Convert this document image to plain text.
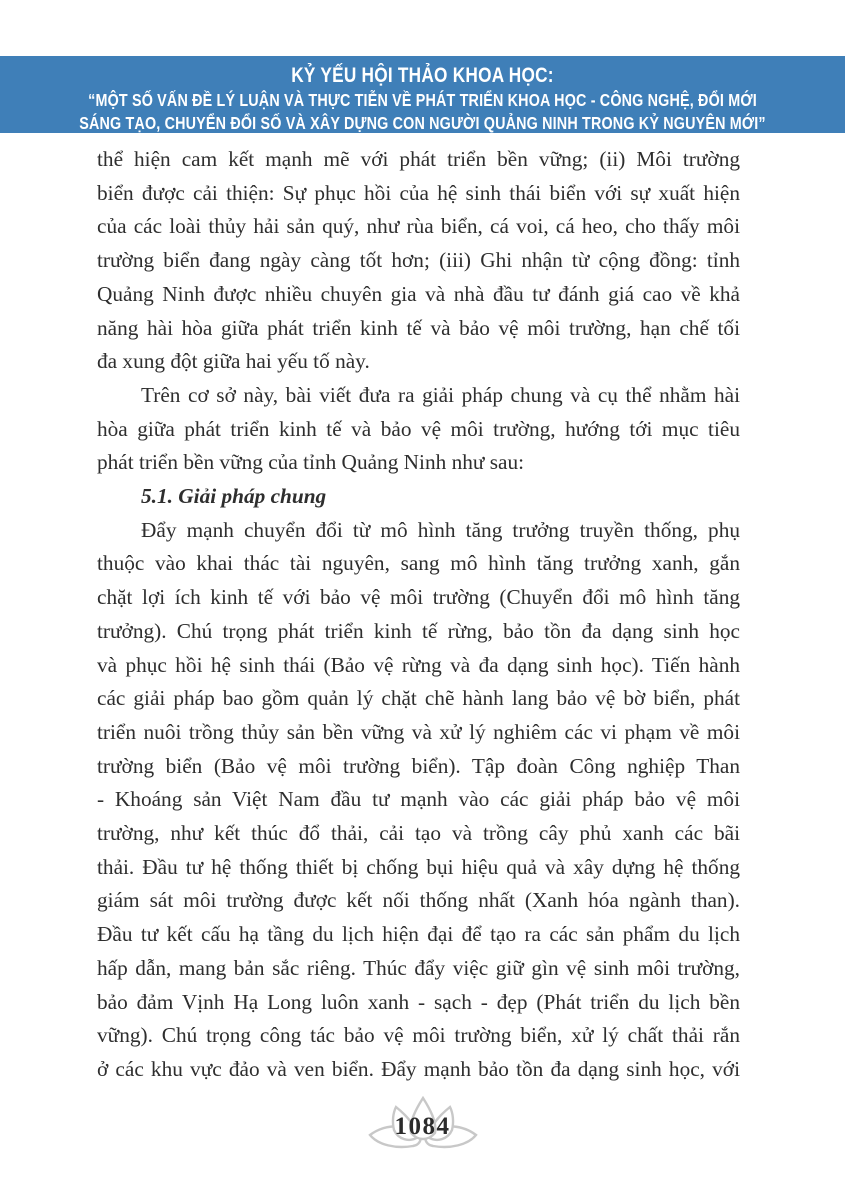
KỶ YẾU HỘI THẢO KHOA HỌC:
“MỘT SỐ VẤN ĐỀ LÝ LUẬN VÀ THỰC TIỄN VỀ PHÁT TRIỂN KHOA HỌC - CÔNG NGHỆ, ĐỔI MỚI
SÁNG TẠO, CHUYỂN ĐỔI SỐ VÀ XÂY DỰNG CON NGƯỜI QUẢNG NINH TRONG KỶ NGUYÊN MỚI”
thể hiện cam kết mạnh mẽ với phát triển bền vững; (ii) Môi trường
biển được cải thiện: Sự phục hồi của hệ sinh thái biển với sự xuất hiện
của các loài thủy hải sản quý, như rùa biển, cá voi, cá heo, cho thấy môi
trường biển đang ngày càng tốt hơn; (iii) Ghi nhận từ cộng đồng: tỉnh
Quảng Ninh được nhiều chuyên gia và nhà đầu tư đánh giá cao về khả
năng hài hòa giữa phát triển kinh tế và bảo vệ môi trường, hạn chế tối
đa xung đột giữa hai yếu tố này.
Trên cơ sở này, bài viết đưa ra giải pháp chung và cụ thể nhằm hài
hòa giữa phát triển kinh tế và bảo vệ môi trường, hướng tới mục tiêu
phát triển bền vững của tỉnh Quảng Ninh như sau:
5.1. Giải pháp chung
Đẩy mạnh chuyển đổi từ mô hình tăng trưởng truyền thống, phụ
thuộc vào khai thác tài nguyên, sang mô hình tăng trưởng xanh, gắn
chặt lợi ích kinh tế với bảo vệ môi trường (Chuyển đổi mô hình tăng
trưởng). Chú trọng phát triển kinh tế rừng, bảo tồn đa dạng sinh học
và phục hồi hệ sinh thái (Bảo vệ rừng và đa dạng sinh học). Tiến hành
các giải pháp bao gồm quản lý chặt chẽ hành lang bảo vệ bờ biển, phát
triển nuôi trồng thủy sản bền vững và xử lý nghiêm các vi phạm về môi
trường biển (Bảo vệ môi trường biển). Tập đoàn Công nghiệp Than
- Khoáng sản Việt Nam đầu tư mạnh vào các giải pháp bảo vệ môi
trường, như kết thúc đổ thải, cải tạo và trồng cây phủ xanh các bãi
thải. Đầu tư hệ thống thiết bị chống bụi hiệu quả và xây dựng hệ thống
giám sát môi trường được kết nối thống nhất (Xanh hóa ngành than).
Đầu tư kết cấu hạ tầng du lịch hiện đại để tạo ra các sản phẩm du lịch
hấp dẫn, mang bản sắc riêng. Thúc đẩy việc giữ gìn vệ sinh môi trường,
bảo đảm Vịnh Hạ Long luôn xanh - sạch - đẹp (Phát triển du lịch bền
vững). Chú trọng công tác bảo vệ môi trường biển, xử lý chất thải rắn
ở các khu vực đảo và ven biển. Đẩy mạnh bảo tồn đa dạng sinh học, với
1084
